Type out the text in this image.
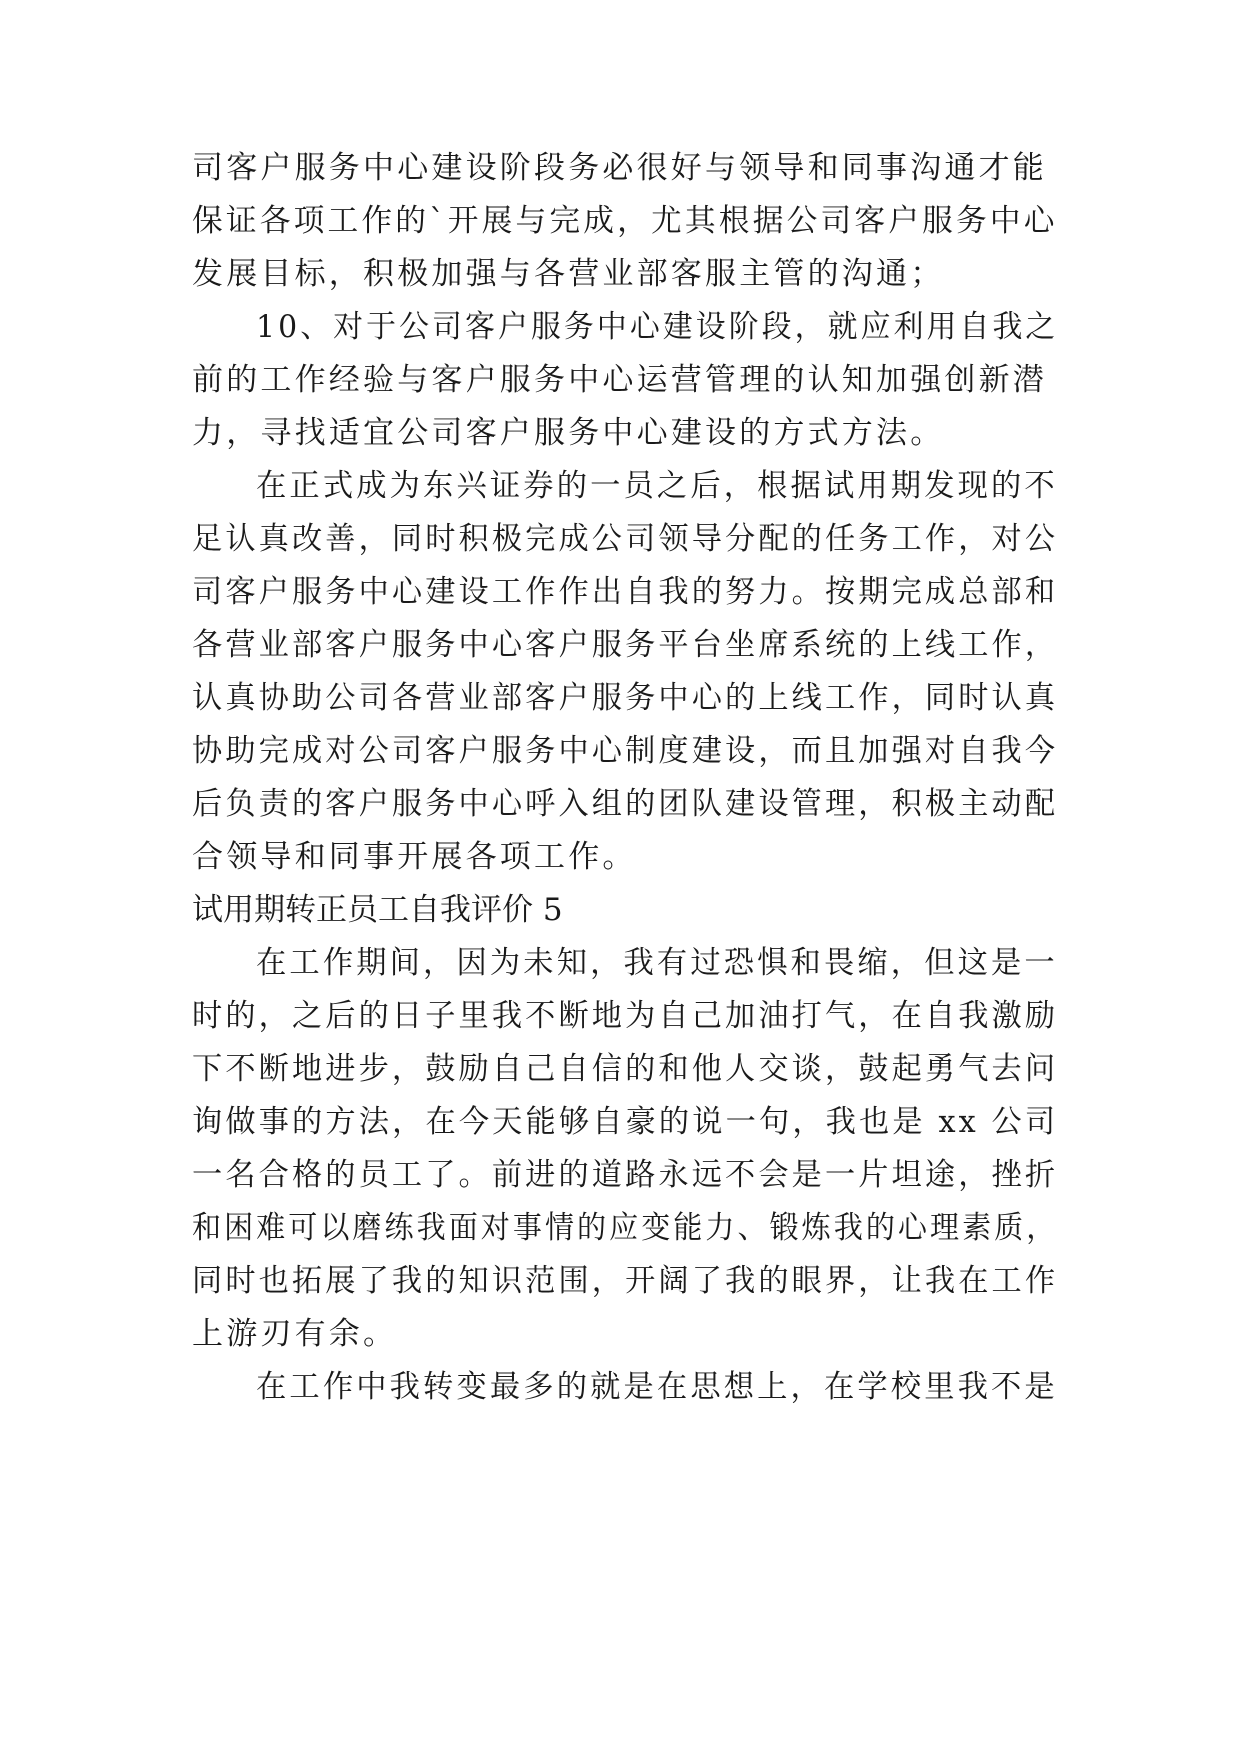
司客户服务中心建设阶段务必很好与领导和同事沟通才能
保证各项工作的`开展与完成，尤其根据公司客户服务中心
发展目标，积极加强与各营业部客服主管的沟通；
10、对于公司客户服务中心建设阶段，就应利用自我之
前的工作经验与客户服务中心运营管理的认知加强创新潜
力，寻找适宜公司客户服务中心建设的方式方法。
在正式成为东兴证券的一员之后，根据试用期发现的不
足认真改善，同时积极完成公司领导分配的任务工作，对公
司客户服务中心建设工作作出自我的努力。按期完成总部和
各营业部客户服务中心客户服务平台坐席系统的上线工作，
认真协助公司各营业部客户服务中心的上线工作，同时认真
协助完成对公司客户服务中心制度建设，而且加强对自我今
后负责的客户服务中心呼入组的团队建设管理，积极主动配
合领导和同事开展各项工作。
试用期转正员工自我评价 5
在工作期间，因为未知，我有过恐惧和畏缩，但这是一
时的，之后的日子里我不断地为自己加油打气，在自我激励
下不断地进步，鼓励自己自信的和他人交谈，鼓起勇气去问
询做事的方法，在今天能够自豪的说一句，我也是 xx 公司
一名合格的员工了。前进的道路永远不会是一片坦途，挫折
和困难可以磨练我面对事情的应变能力、锻炼我的心理素质，
同时也拓展了我的知识范围，开阔了我的眼界，让我在工作
上游刃有余。
在工作中我转变最多的就是在思想上，在学校里我不是
